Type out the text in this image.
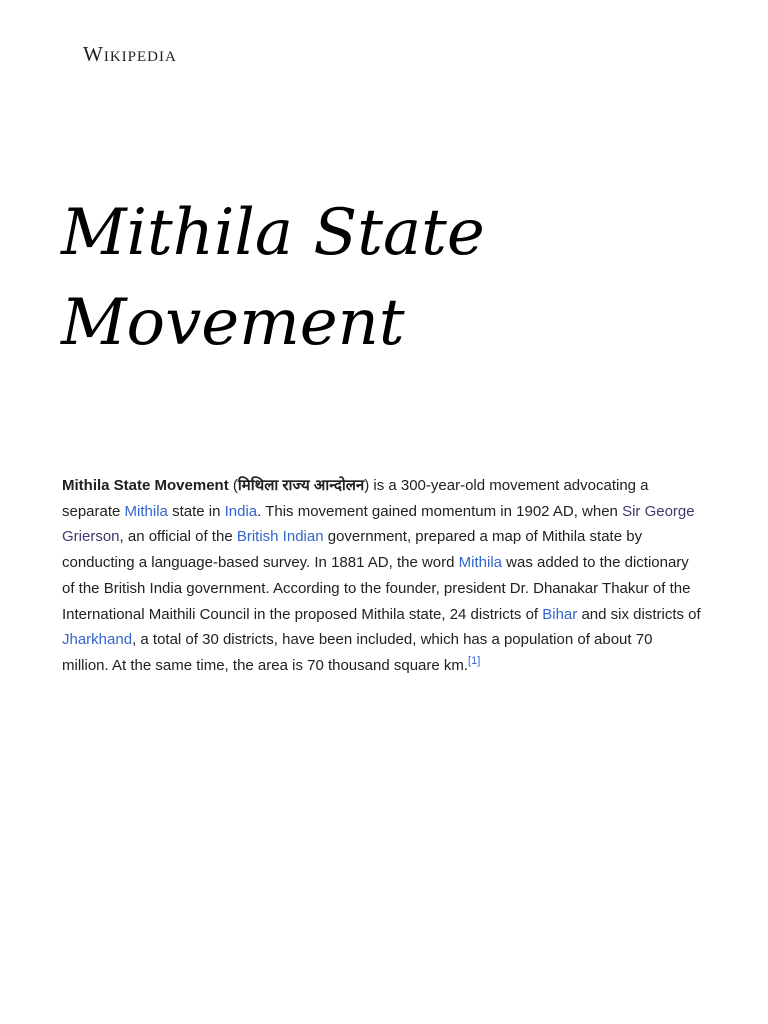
Wikipedia
Mithila State Movement

Mithila State Movement (मिथिला राज्य आन्दोलन) is a 300-year-old movement advocating a separate Mithila state in India. This movement gained momentum in 1902 AD, when Sir George Grierson, an official of the British Indian government, prepared a map of Mithila state by conducting a language-based survey. In 1881 AD, the word Mithila was added to the dictionary of the British India government. According to the founder, president Dr. Dhanakar Thakur of the International Maithili Council in the proposed Mithila state, 24 districts of Bihar and six districts of Jharkhand, a total of 30 districts, have been included, which has a population of about 70 million. At the same time, the area is 70 thousand square km.[1]
